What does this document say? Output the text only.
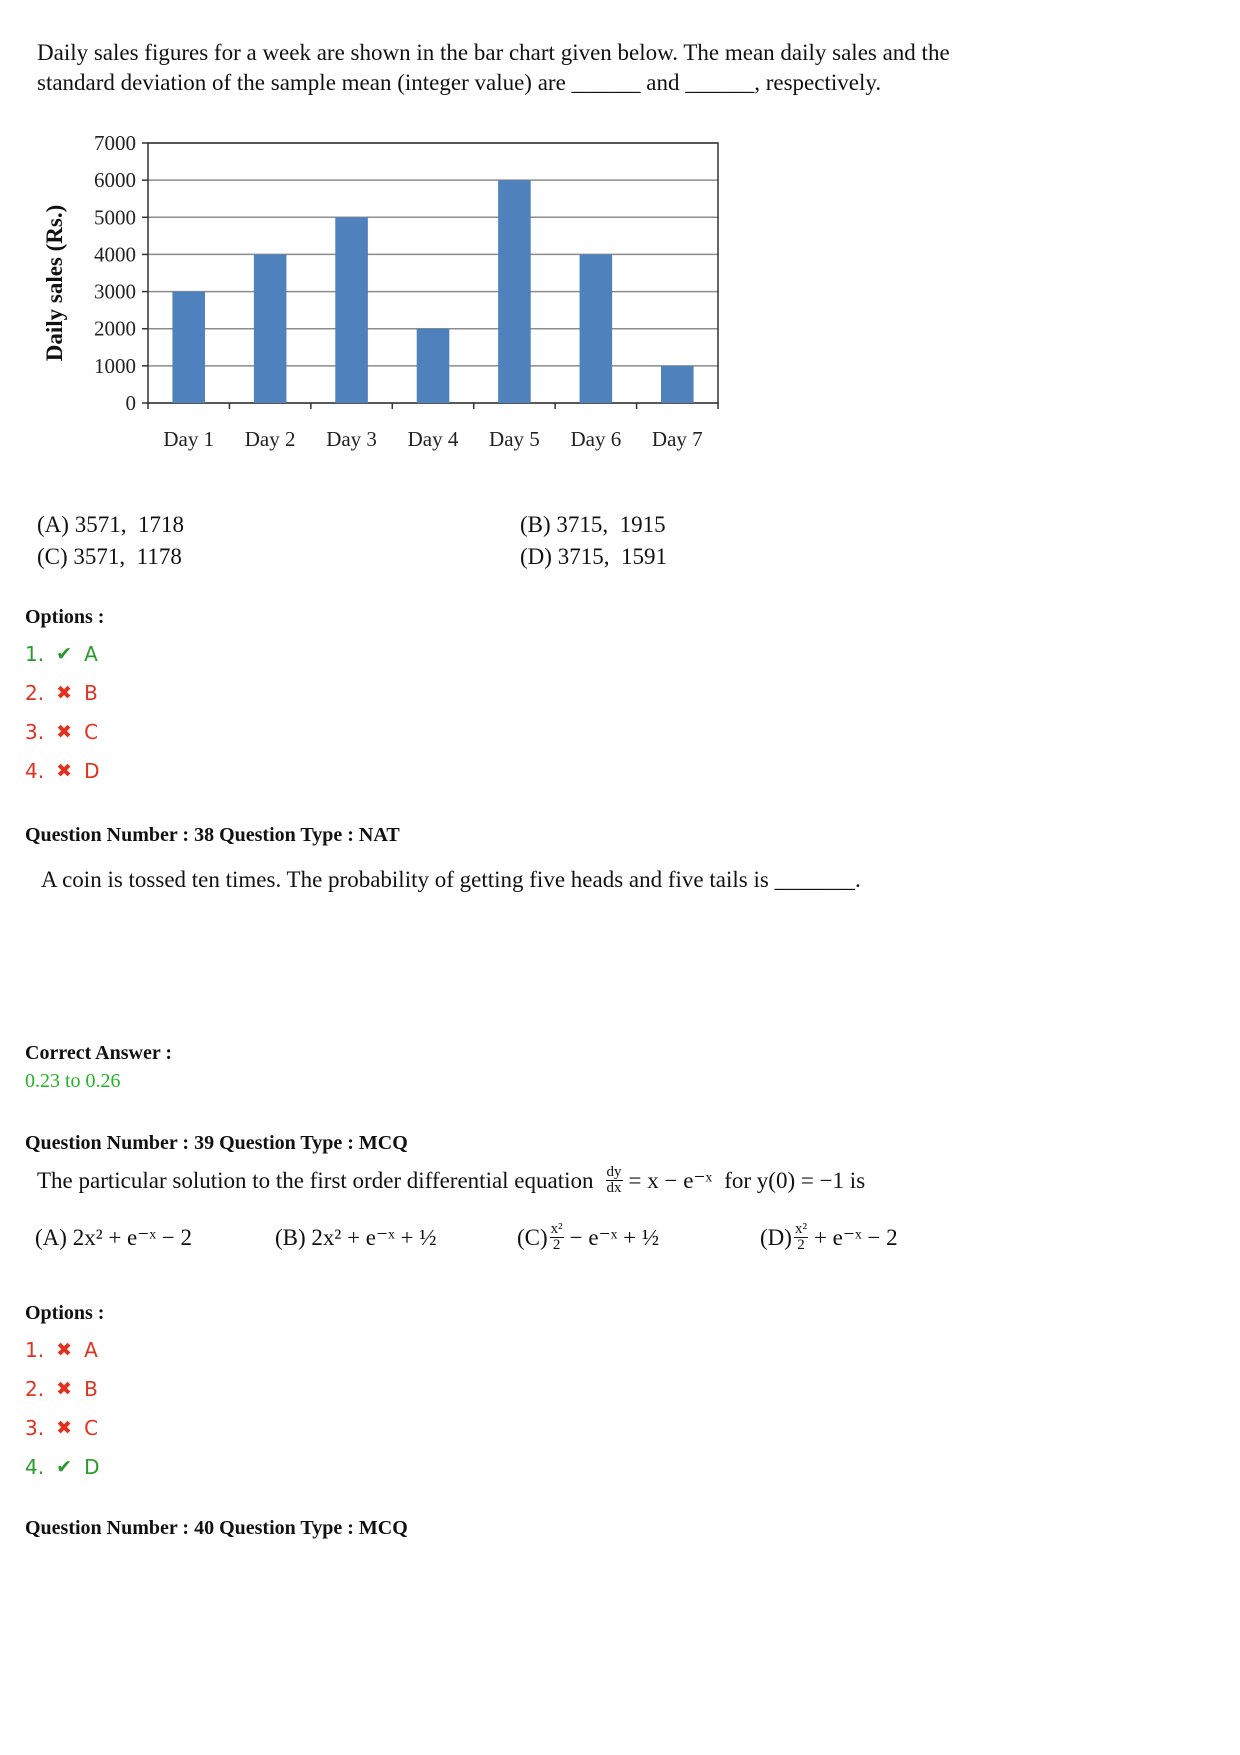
Daily sales figures for a week are shown in the bar chart given below. The mean daily sales and the
standard deviation of the sample mean (integer value) are ______ and ______, respectively.
0
1000
2000
3000
4000
5000
6000
7000
Day 1 Day 2 Day 3 Day 4 Day 5 Day 6 Day 7
Daily sales (Rs.)
(A) 3571,  1718	(B) 3715,  1915
(C) 3571,  1178	(D) 3715,  1591
Options :
1. ✔ A
2. ✖ B
3. ✖ C
4. ✖ D
Question Number : 38 Question Type : NAT
A coin is tossed ten times. The probability of getting five heads and five tails is _______.
Correct Answer :
0.23 to 0.26
Question Number : 39 Question Type : MCQ
The particular solution to the first order differential equation $\frac{dy}{dx} = x$ − e⁻ˣ for y(0) = −1 is
(A) 2x² + e⁻ˣ − 2	(B) 2x² + e⁻ˣ + ½	$(C) \frac{\text{x²}}{2}$ − e⁻ˣ + ½	$(D) \frac{\text{x²}}{2}$ + e⁻ˣ − 2
Options :
1. ✖ A
2. ✖ B
3. ✖ C
4. ✔ D
Question Number : 40 Question Type : MCQ
